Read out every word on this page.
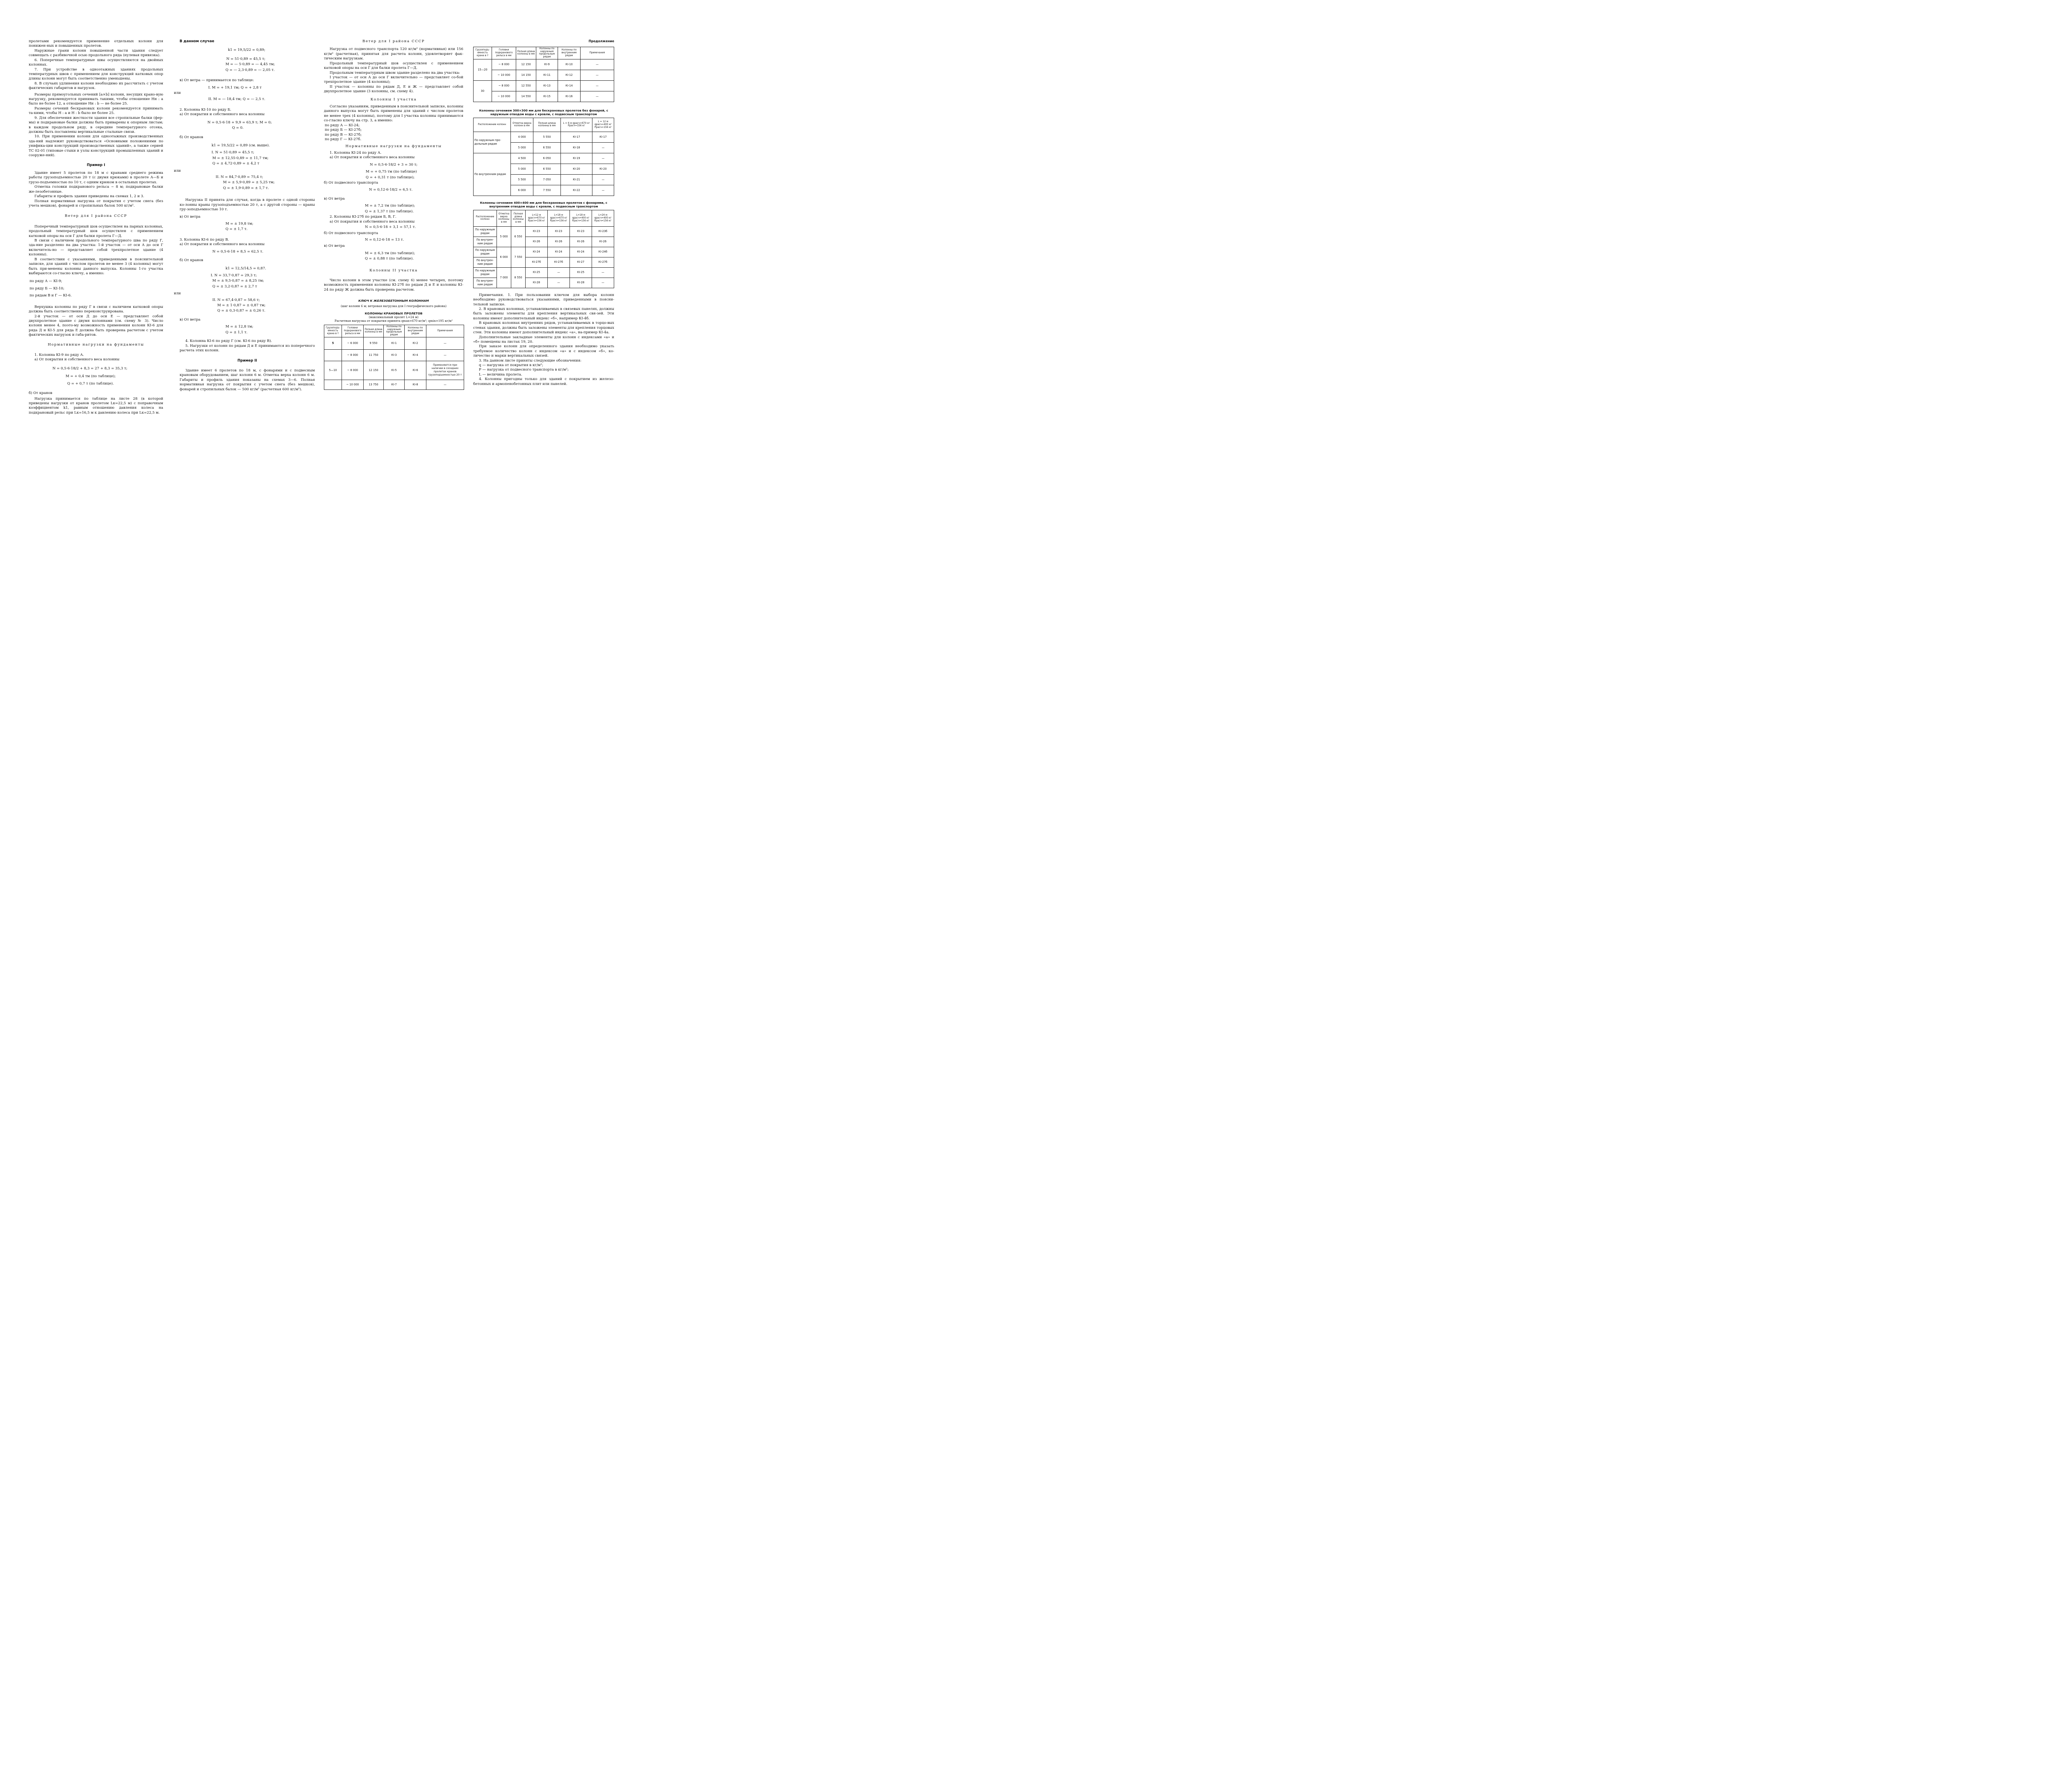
пролетами рекомендуется применение отдельных колонн для понижен-ных и повышенных пролетов.

Наружные грани колонн повышенной части здания следует совмещать с разбивочной осью продольного ряда (нулевая привязка).

6. Поперечные температурные швы осуществляются на двойных колоннах.

7. При устройстве в одноэтажных зданиях продольных температурных швов с применением для конструкций катковых опор длины колонн могут быть соответственно уменьшены.

8. В случаях удлинения колонн необходимо их рассчитать с учетом фактических габаритов и нагрузок.

Размеры прямоугольных сечений [a×b] колонн, несущих крано-вую нагрузку, рекомендуется принимать такими, чтобы отношение Hн : a было не более 12, а отношение Hн : b — не более 25.

Размеры сечений бескрановых колонн рекомендуется принимать та-кими, чтобы H : a и H : b было не более 25.

9. Для обеспечения жесткости здания все стропильные балки (фер-мы) и подкрановые балки должны быть приварены к опорным листам; в каждом продольном ряду, в середине температурного отсека, должны быть поставлены вертикальные стальные связи.

10. При применении колонн для одноэтажных производственных зда-ний надлежит руководствоваться «Основными положениями по унифика-ции конструкций производственных зданий», а также серией ТС 02-01 (типовые стыки и узлы конструкций промышленных зданий и сооруже-ний).

Пример I

Здание имеет 5 пролетов по 18 м с кранами среднего режима работы грузоподъемностью 20 т (с двумя крюками) в пролете А—Б и грузо-подъемностью по 10 т, с одним крюком в остальных пролетах.

Отметка головки подкранового рельса ~ 8 м; подкрановые балки же-лезобетонные.

Габариты и профиль здания приведены на схемах 1, 2 и 3.

Полная нормативная нагрузка от покрытия с учетом снега (без учета мешков), фонарей и стропильных балок 500 кг/м².

Ветер для I района СССР

Поперечный температурный шов осуществлен на парных колоннах, продольный температурный шов осуществлен с применением катковой опоры на оси Г для балки пролета Г—Д.

В связи с наличием продольного температурного шва по ряду Г, зда-ние разделено на два участка: 1-й участок — от оси А до оси Г включитель-но — представляет собой трехпролетное здание (4 колонны).

В соответствии с указаниями, приведенными в пояснительной записке, для зданий с числом пролетов не менее 3 (4 колонны) могут быть при-менены колонны данного выпуска. Колонны 1-го участка выбираются со-гласно ключу, а именно:

по ряду А — КI-9;
по ряду Б — КI-10;
по рядам В и Г — КI-6.

Верхушка колонны по ряду Г в связи с наличием катковой опоры должна быть соответственно переконструирована.

2-й участок — от оси Д до оси Е — представляет собой двухпролетное здание с двумя колоннами (см. схему № 3). Число колонн менее 4, поэто-му возможность применения колонн КI-6 для ряда Д и КI-5 для ряда Е должна быть проверена расчетом с учетом фактических нагрузок и габа-ритов.

Нормативные нагрузки на фундаменты

1. Колонна КI-9 по ряду А.

а) От покрытия и собственного веса колонны

N = 0,5·6·18/2 + 8,3 = 27 + 8,3 = 35,3 т;
M = + 0,4 тм (по таблице);
Q = + 0,7 т (по таблице).
б) От кранов

Нагрузка принимается по таблице на листе 28 (в которой приведены нагрузки от кранов пролетом Lк=22,5 м) с поправочным коэффициентом k1, равным отношению давления колеса на подкрановый рельс при Lк=16,5 м к давлению колеса при Lк=22,5 м.

В данном случае
k1 = 19,5/22 = 0,89;
N = 51·0,89 = 45,5 т;
M = — 5·0,89 = — 4,45 тм;
Q = — 2,3·0,89 = — 2,05 т.
в) От ветра — принимается по таблице:
I. M = + 19,1 тм; Q = + 2,8 т
или
II. M = — 18,4 тм; Q = — 2,5 т.
2. Колонна КI-10 по ряду Б.
а) От покрытия и собственного веса колонны
N = 0,5·6·18 + 9,9 = 63,9 т; M = 0;
Q = 0.
б) От кранов
k1 = 19,5/22 = 0,89 (см. выше).
I. N = 51·0,89 = 45,5 т;
M = ± 12,55·0,89 = ± 11,7 тм;
Q = ± 4,72·0,89 = ± 4,2 т
или
II. N = 84,7·0,89 = 75,4 т;
M = ± 5,9·0,89 = ± 5,25 тм;
Q = ± 1,9·0,89 = ± 1,7 т.

Нагрузка II принята для случая, когда в пролете с одной стороны ко-лонны краны грузоподъемностью 20 т, а с другой стороны — краны гру-зоподъемностью 10 т.

в) От ветра
M = ± 19,8 тм;
Q = ± 1,7 т.
3. Колонна КI-6 по ряду В.
а) От покрытия и собственного веса колонны
N = 0,5·6·18 + 8,5 = 62,5 т.
б) От кранов
k1 = 12,5/14,5 = 0,87.
I. N = 33,7·0,87 = 29,3 т;
M = ± 9,5·0,87 = ± 8,25 тм;
Q = ± 3,2·0,87 = ± 2,7 т
или
II. N = 67,4·0,87 = 58,6 т;
M = ± 1·0,87 = ± 0,87 тм;
Q = ± 0,3·0,87 = ± 0,26 т.
в) От ветра
M = ± 12,8 тм;
Q = ± 1,1 т.

4. Колонна КI-6 по ряду Г (см. КI-6 по ряду В).

5. Нагрузки от колонн по рядам Д и Е принимаются из поперечного расчета этих колонн.

Пример II

Здание имеет 6 пролетов по 18 м, с фонарями и с подвесным крановым оборудованием, шаг колонн 6 м. Отметка верха колонн 6 м. Габариты и профиль здания показаны на схемах 3—6. Полная нормативная нагрузка от покрытия с учетом снега (без мешков), фонарей и стропильных балок — 500 кг/м² (расчетная 600 кг/м²).

Ветер для I района СССР

Нагрузка от подвесного транспорта 120 кг/м² (нормативная) или 156 кг/м² (расчетная), принятая для расчета колонн, удовлетворяет фак-тическим нагрузкам.

Продольный температурный шов осуществлен с применением катковой опоры на оси Г для балки пролета Г—Д.

Продольным температурным швом здание разделено на два участка:

I участок — от оси А до оси Г включительно — представляет со-бой трехпролетное здание (4 колонны);

II участок — колонны по рядам Д, Е и Ж — представляет собой двухпролетное здание (3 колонны, см. схему 4).

Колонны I участка

Согласно указаниям, приведенным в пояснительной записке, колонны данного выпуска могут быть применены для зданий с числом пролетов не менее трех (4 колонны), поэтому для I участка колонны принимаются со-гласно ключу на стр. 3, а именно:

по ряду А — КI-24;
по ряду Б — КI-27б;
по ряду В — КI-27б;
по ряду Г — КI-27б.
Нормативные нагрузки на фундаменты

1. Колонна КI-24 по ряду А.

а) От покрытия и собственного веса колонны

N = 0,5·6·18/2 + 3 = 30 т;
M = + 0,75 тм (по таблице)
Q = + 0,31 т (по таблице);
б) От подвесного транспорта
N = 0,12·6·18/2 = 6,5 т.
в) От ветра
M = ± 7,2 тм (по таблице);
Q = ± 1,37 т (по таблице).

2. Колонны КI-27б по рядам Б, В, Г.

а) От покрытия и собственного веса колонны

N = 0,5·6·18 + 3,1 = 57,1 т.
б) От подвесного транспорта
N = 0,12·6·18 = 13 т.
в) От ветра
M = ± 6,3 тм (по таблице);
Q = ± 0,88 т (по таблице).
Колонны II участка

Число колонн в этом участке (см. схему 6) менее четырех, поэтому возможность применения колонны КI-27б по рядам Д и Е и колонны КI-24 по ряду Ж должна быть проверена расчетом.

КЛЮЧ К ЖЕЛЕЗОБЕТОННЫМ КОЛОННАМ
(шаг колонн 6 м; ветровая нагрузка для I географического района)
КОЛОННЫ КРАНОВЫХ ПРОЛЕТОВ
(максимальный пролет L=24 м)
Расчетная нагрузка от покрытия принята qmax=670 кг/м²; qmin=195 кг/м²
Грузоподъ-емность крана в т	Головки подкранового рельса в мм	Полная длина колонны в мм	Колонны по наружным продольным рядам	Колонны по внутренним рядам	Примечания
5	~ 6 000	9 550	КI-1	КI-2	—
	~ 8 000	11 750	КI-3	КI-4	—
5—10	~ 8 000	12 150	КI-5	КI-6	Применяются при наличии в соседних пролетах кранов грузоподъемностью 20 т
	~ 10 000	13 750	КI-7	КI-8	—
Продолжение
Грузоподъ-емность крана в т	Головки подкранового рельса в мм	Полная длина колонны в мм	Колонны по наружным продольным рядам	Колонны по внутренним рядам	Примечания
15—20	~ 8 000	12 150	КI-9	КI-10	—
	~ 10 000	14 150	КI-11	КI-12	—
30	~ 8 000	12 550	КI-13	КI-14	—
	~ 10 000	14 550	КI-15	КI-16	—
Колонны сечением 300×300 мм для бескрановых пролетов без фонарей, с наружным отводом воды с кровли, с подвесным транспортом
Расположение колонн	Отметка верха колонн в мм	Полная длина колонны в мм	L = 6 м qрасч=670 кг Pрасч=156 кг	L = 12 м qрасч=400 кг Pрасч=156 кг
По наружным про-дольным рядам	4 000	5 550	КI-17	КI-17
	5 000	6 550	КI-18	—
По внутренним рядам	4 500	6 050	КI-19	—
	5 000	6 550	КI-20	КI-20
	5 500	7 050	КI-21	—
	6 000	7 550	КI-22	—
Колонны сечением 400×400 мм для бескрановых пролетов с фонарями, с внутренним отводом воды с кровли, с подвесным транспортом
Расположение колонн	Отметка верха колонны в мм	Полная длина колонны в мм	L=12 м qрасч=670 кг Pрасч=156 кг	L=18 м qрасч=670 кг Pрасч=156 кг	L=18 м qрасч=400 кг Pрасч=156 кг	L=24 м qрасч=400 кг Pрасч=156 кг
По наружным рядам	5 000	6 550	КI-23	КI-23	КI-23	КI-23б
По внутрен-ним рядам			КI-26	КI-26	КI-26	КI-26
По наружным рядам	6 000	7 550	КI-24	КI-24	КI-24	КI-24б
По внутрен-ним рядам			КI-27б	КI-27б	КI-27	КI-27б
По наружным рядам	7 000	8 550	КI-25	—	КI-25	—
По внутрен-ним рядам			КI-28	—	КI-28	—

Примечания. 1. При пользовании ключом для выбора колонн необходимо руководствоваться указаниями, приведенными в поясни-тельной записке.

2. В крановых колоннах, устанавливаемых в связевых панелях, должны быть заложены элементы для крепления вертикальных свя-зей. Эти колонны имеют дополнительный индекс «б», например КI-4б.

В крановых колоннах внутренних рядов, устанавливаемых в торцо-вых стенах здания, должны быть заложены элементы для крепления торцовых стен. Эти колонны имеют дополнительный индекс «а», на-пример КI-4а.

Дополнительные закладные элементы для колонн с индексами «а» и «б» помещены на листах 19, 20.

При заказе колонн для определенного здания необходимо указать требуемое количество колонн с индексом «а» и с индексом «б», ко-личество и марки вертикальных связей.

3. На данном листе приняты следующие обозначения:

q — нагрузка от покрытия в кг/м²;

P — нагрузка от подвесного транспорта в кг/м²;

L — величина пролета.

4. Колонны пригодны только для зданий с покрытием из железо-бетонных и армопенобетонных плит или панелей.
